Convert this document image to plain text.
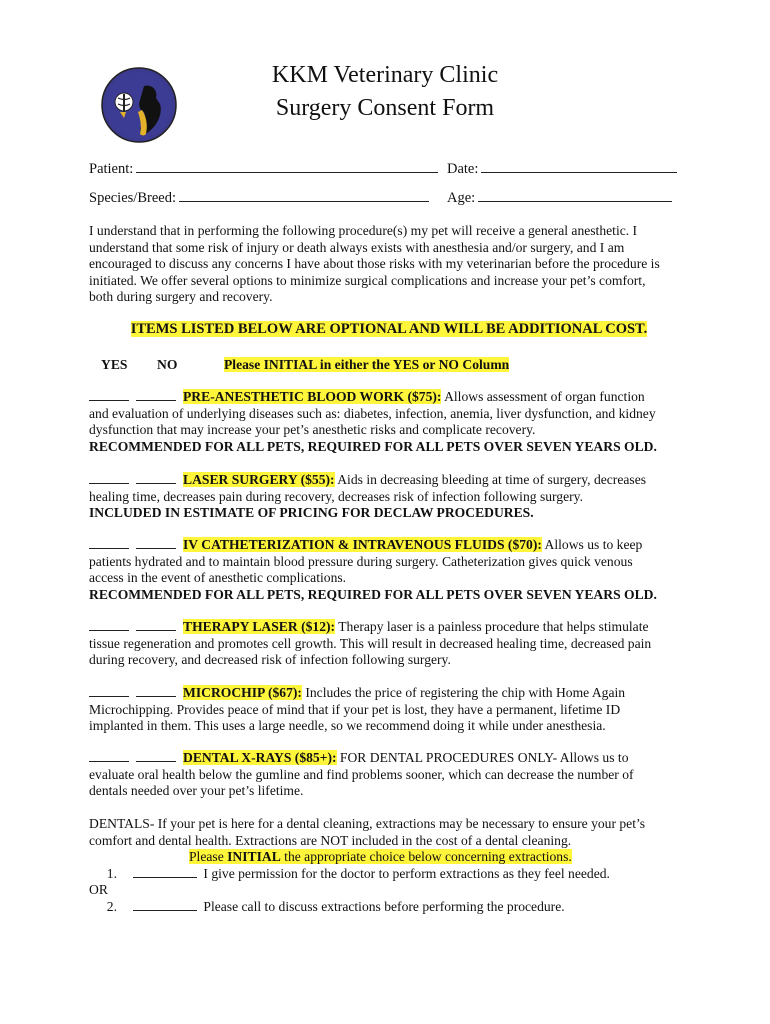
KKM Veterinary Clinic
Surgery Consent Form
Patient:	Date:
Species/Breed:	Age:
I understand that in performing the following procedure(s) my pet will receive a general anesthetic. I
understand that some risk of injury or death always exists with anesthesia and/or surgery, and I am
encouraged to discuss any concerns I have about those risks with my veterinarian before the procedure is
initiated. We offer several options to minimize surgical complications and increase your pet’s comfort,
both during surgery and recovery.
ITEMS LISTED BELOW ARE OPTIONAL AND WILL BE ADDITIONAL COST.
YES NO	Please INITIAL in either the YES or NO Column
PRE-ANESTHETIC BLOOD WORK ($75): Allows assessment of organ function
and evaluation of underlying diseases such as: diabetes, infection, anemia, liver dysfunction, and kidney
dysfunction that may increase your pet’s anesthetic risks and complicate recovery.
RECOMMENDED FOR ALL PETS, REQUIRED FOR ALL PETS OVER SEVEN YEARS OLD.
LASER SURGERY ($55): Aids in decreasing bleeding at time of surgery, decreases
healing time, decreases pain during recovery, decreases risk of infection following surgery.
INCLUDED IN ESTIMATE OF PRICING FOR DECLAW PROCEDURES.
IV CATHETERIZATION & INTRAVENOUS FLUIDS ($70): Allows us to keep
patients hydrated and to maintain blood pressure during surgery. Catheterization gives quick venous
access in the event of anesthetic complications.
RECOMMENDED FOR ALL PETS, REQUIRED FOR ALL PETS OVER SEVEN YEARS OLD.
THERAPY LASER ($12): Therapy laser is a painless procedure that helps stimulate
tissue regeneration and promotes cell growth. This will result in decreased healing time, decreased pain
during recovery, and decreased risk of infection following surgery.
MICROCHIP ($67): Includes the price of registering the chip with Home Again
Microchipping. Provides peace of mind that if your pet is lost, they have a permanent, lifetime ID
implanted in them. This uses a large needle, so we recommend doing it while under anesthesia.
DENTAL X-RAYS ($85+): FOR DENTAL PROCEDURES ONLY- Allows us to
evaluate oral health below the gumline and find problems sooner, which can decrease the number of
dentals needed over your pet’s lifetime.
DENTALS- If your pet is here for a dental cleaning, extractions may be necessary to ensure your pet’s
comfort and dental health. Extractions are NOT included in the cost of a dental cleaning.
Please INITIAL the appropriate choice below concerning extractions.
1.	I give permission for the doctor to perform extractions as they feel needed.
OR
2.	Please call to discuss extractions before performing the procedure.
